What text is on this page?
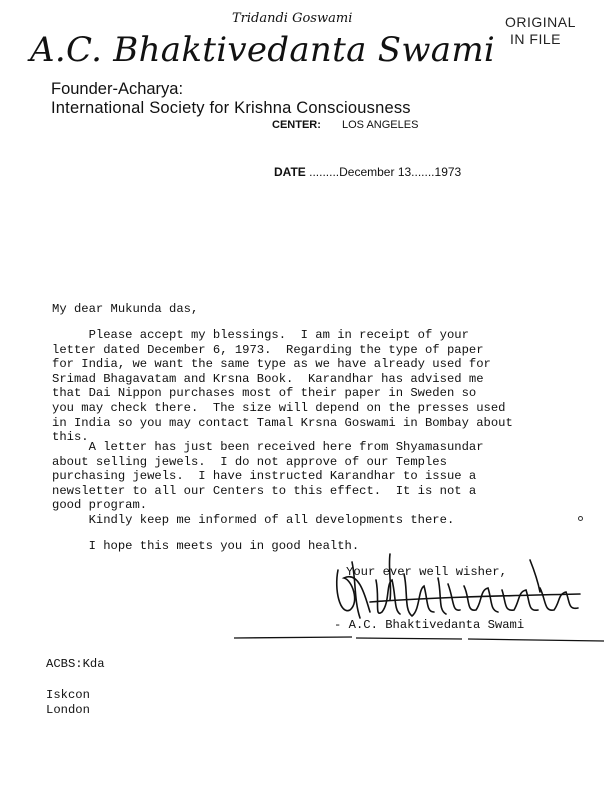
Tridandi Goswami
A.C. Bhaktivedanta Swami
ORIGINAL
IN FILE
Founder-Acharya:
International Society for Krishna Consciousness
CENTER: LOS ANGELES
DATE .........December 13.......1973
My dear Mukunda das,
Please accept my blessings.  I am in receipt of your
letter dated December 6, 1973.  Regarding the type of paper
for India, we want the same type as we have already used for
Srimad Bhagavatam and Krsna Book.  Karandhar has advised me
that Dai Nippon purchases most of their paper in Sweden so
you may check there.  The size will depend on the presses used
in India so you may contact Tamal Krsna Goswami in Bombay about
this.
A letter has just been received here from Shyamasundar
about selling jewels.  I do not approve of our Temples
purchasing jewels.  I have instructed Karandhar to issue a
newsletter to all our Centers to this effect.  It is not a
good program.
Kindly keep me informed of all developments there.
I hope this meets you in good health.
Your ever well wisher,
- A.C. Bhaktivedanta Swami
ACBS:Kda
Iskcon
London
